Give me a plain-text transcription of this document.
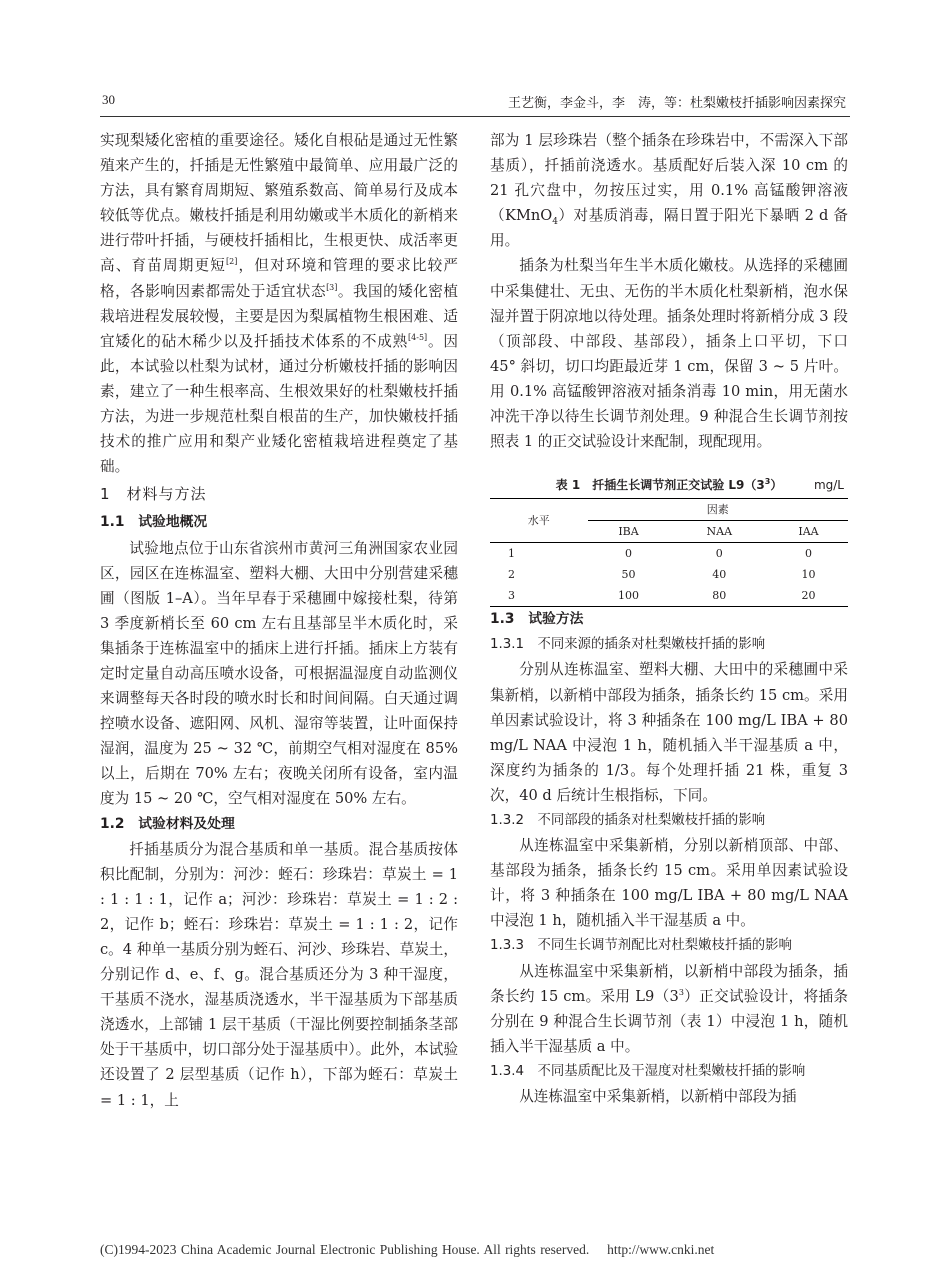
30	王艺衡，李金斗，李　涛，等：杜梨嫩枝扦插影响因素探究

实现梨矮化密植的重要途径。矮化自根砧是通过无性繁殖来产生的，扦插是无性繁殖中最简单、应用最广泛的方法，具有繁育周期短、繁殖系数高、简单易行及成本较低等优点。嫩枝扦插是利用幼嫩或半木质化的新梢来进行带叶扦插，与硬枝扦插相比，生根更快、成活率更高、育苗周期更短[2]，但对环境和管理的要求比较严格，各影响因素都需处于适宜状态[3]。我国的矮化密植栽培进程发展较慢，主要是因为梨属植物生根困难、适宜矮化的砧木稀少以及扦插技术体系的不成熟[4-5]。因此，本试验以杜梨为试材，通过分析嫩枝扦插的影响因素，建立了一种生根率高、生根效果好的杜梨嫩枝扦插方法，为进一步规范杜梨自根苗的生产，加快嫩枝扦插技术的推广应用和梨产业矮化密植栽培进程奠定了基础。

1　材料与方法
1.1　试验地概况

试验地点位于山东省滨州市黄河三角洲国家农业园区，园区在连栋温室、塑料大棚、大田中分别营建采穗圃（图版 1–A）。当年早春于采穗圃中嫁接杜梨，待第 3 季度新梢长至 60 cm 左右且基部呈半木质化时，采集插条于连栋温室中的插床上进行扦插。插床上方装有定时定量自动高压喷水设备，可根据温湿度自动监测仪来调整每天各时段的喷水时长和时间间隔。白天通过调控喷水设备、遮阳网、风机、湿帘等装置，让叶面保持湿润，温度为 25 ~ 32 ℃，前期空气相对湿度在 85% 以上，后期在 70% 左右；夜晚关闭所有设备，室内温度为 15 ~ 20 ℃，空气相对湿度在 50% 左右。

1.2　试验材料及处理

扦插基质分为混合基质和单一基质。混合基质按体积比配制，分别为：河沙：蛭石：珍珠岩：草炭土 = 1 : 1 : 1 : 1，记作 a；河沙：珍珠岩：草炭土 = 1 : 2 : 2，记作 b；蛭石：珍珠岩：草炭土 = 1 : 1 : 2，记作 c。4 种单一基质分别为蛭石、河沙、珍珠岩、草炭土，分别记作 d、e、f、g。混合基质还分为 3 种干湿度，干基质不浇水，湿基质浇透水，半干湿基质为下部基质浇透水，上部铺 1 层干基质（干湿比例要控制插条茎部处于干基质中，切口部分处于湿基质中）。此外，本试验还设置了 2 层型基质（记作 h），下部为蛭石：草炭土 = 1 : 1，上

部为 1 层珍珠岩（整个插条在珍珠岩中，不需深入下部基质），扦插前浇透水。基质配好后装入深 10 cm 的 21 孔穴盘中，勿按压过实，用 0.1% 高锰酸钾溶液（KMnO$_4$）对基质消毒，隔日置于阳光下暴晒 2 d 备用。

插条为杜梨当年生半木质化嫩枝。从选择的采穗圃中采集健壮、无虫、无伤的半木质化杜梨新梢，泡水保湿并置于阴凉地以待处理。插条处理时将新梢分成 3 段（顶部段、中部段、基部段），插条上口平切，下口 45° 斜切，切口均距最近芽 1 cm，保留 3 ~ 5 片叶。用 0.1% 高锰酸钾溶液对插条消毒 10 min，用无菌水冲洗干净以待生长调节剂处理。9 种混合生长调节剂按照表 1 的正交试验设计来配制，现配现用。

表 1　扦插生长调节剂正交试验 $L9(3^3)$	mg/L
水平	因素		
	IBA	NAA	IAA
1	0	0	0
2	50	40	10
3	100	80	20
1.3　试验方法
1.3.1　不同来源的插条对杜梨嫩枝扦插的影响

分别从连栋温室、塑料大棚、大田中的采穗圃中采集新梢，以新梢中部段为插条，插条长约 15 cm。采用单因素试验设计，将 3 种插条在 100 mg/L IBA + 80 mg/L NAA 中浸泡 1 h，随机插入半干湿基质 a 中，深度约为插条的 1/3。每个处理扦插 21 株，重复 3 次，40 d 后统计生根指标，下同。

1.3.2　不同部段的插条对杜梨嫩枝扦插的影响

从连栋温室中采集新梢，分别以新梢顶部、中部、基部段为插条，插条长约 15 cm。采用单因素试验设计，将 3 种插条在 100 mg/L IBA + 80 mg/L NAA 中浸泡 1 h，随机插入半干湿基质 a 中。

1.3.3　不同生长调节剂配比对杜梨嫩枝扦插的影响

从连栋温室中采集新梢，以新梢中部段为插条，插条长约 15 cm。采用 $L9(3^3)$正交试验设计，将插条分别在 9 种混合生长调节剂（表 1）中浸泡 1 h，随机插入半干湿基质 a 中。

1.3.4　不同基质配比及干湿度对杜梨嫩枝扦插的影响

从连栋温室中采集新梢，以新梢中部段为插

(C)1994-2023 China Academic Journal Electronic Publishing House. All rights reserved.　 http://www.cnki.net
